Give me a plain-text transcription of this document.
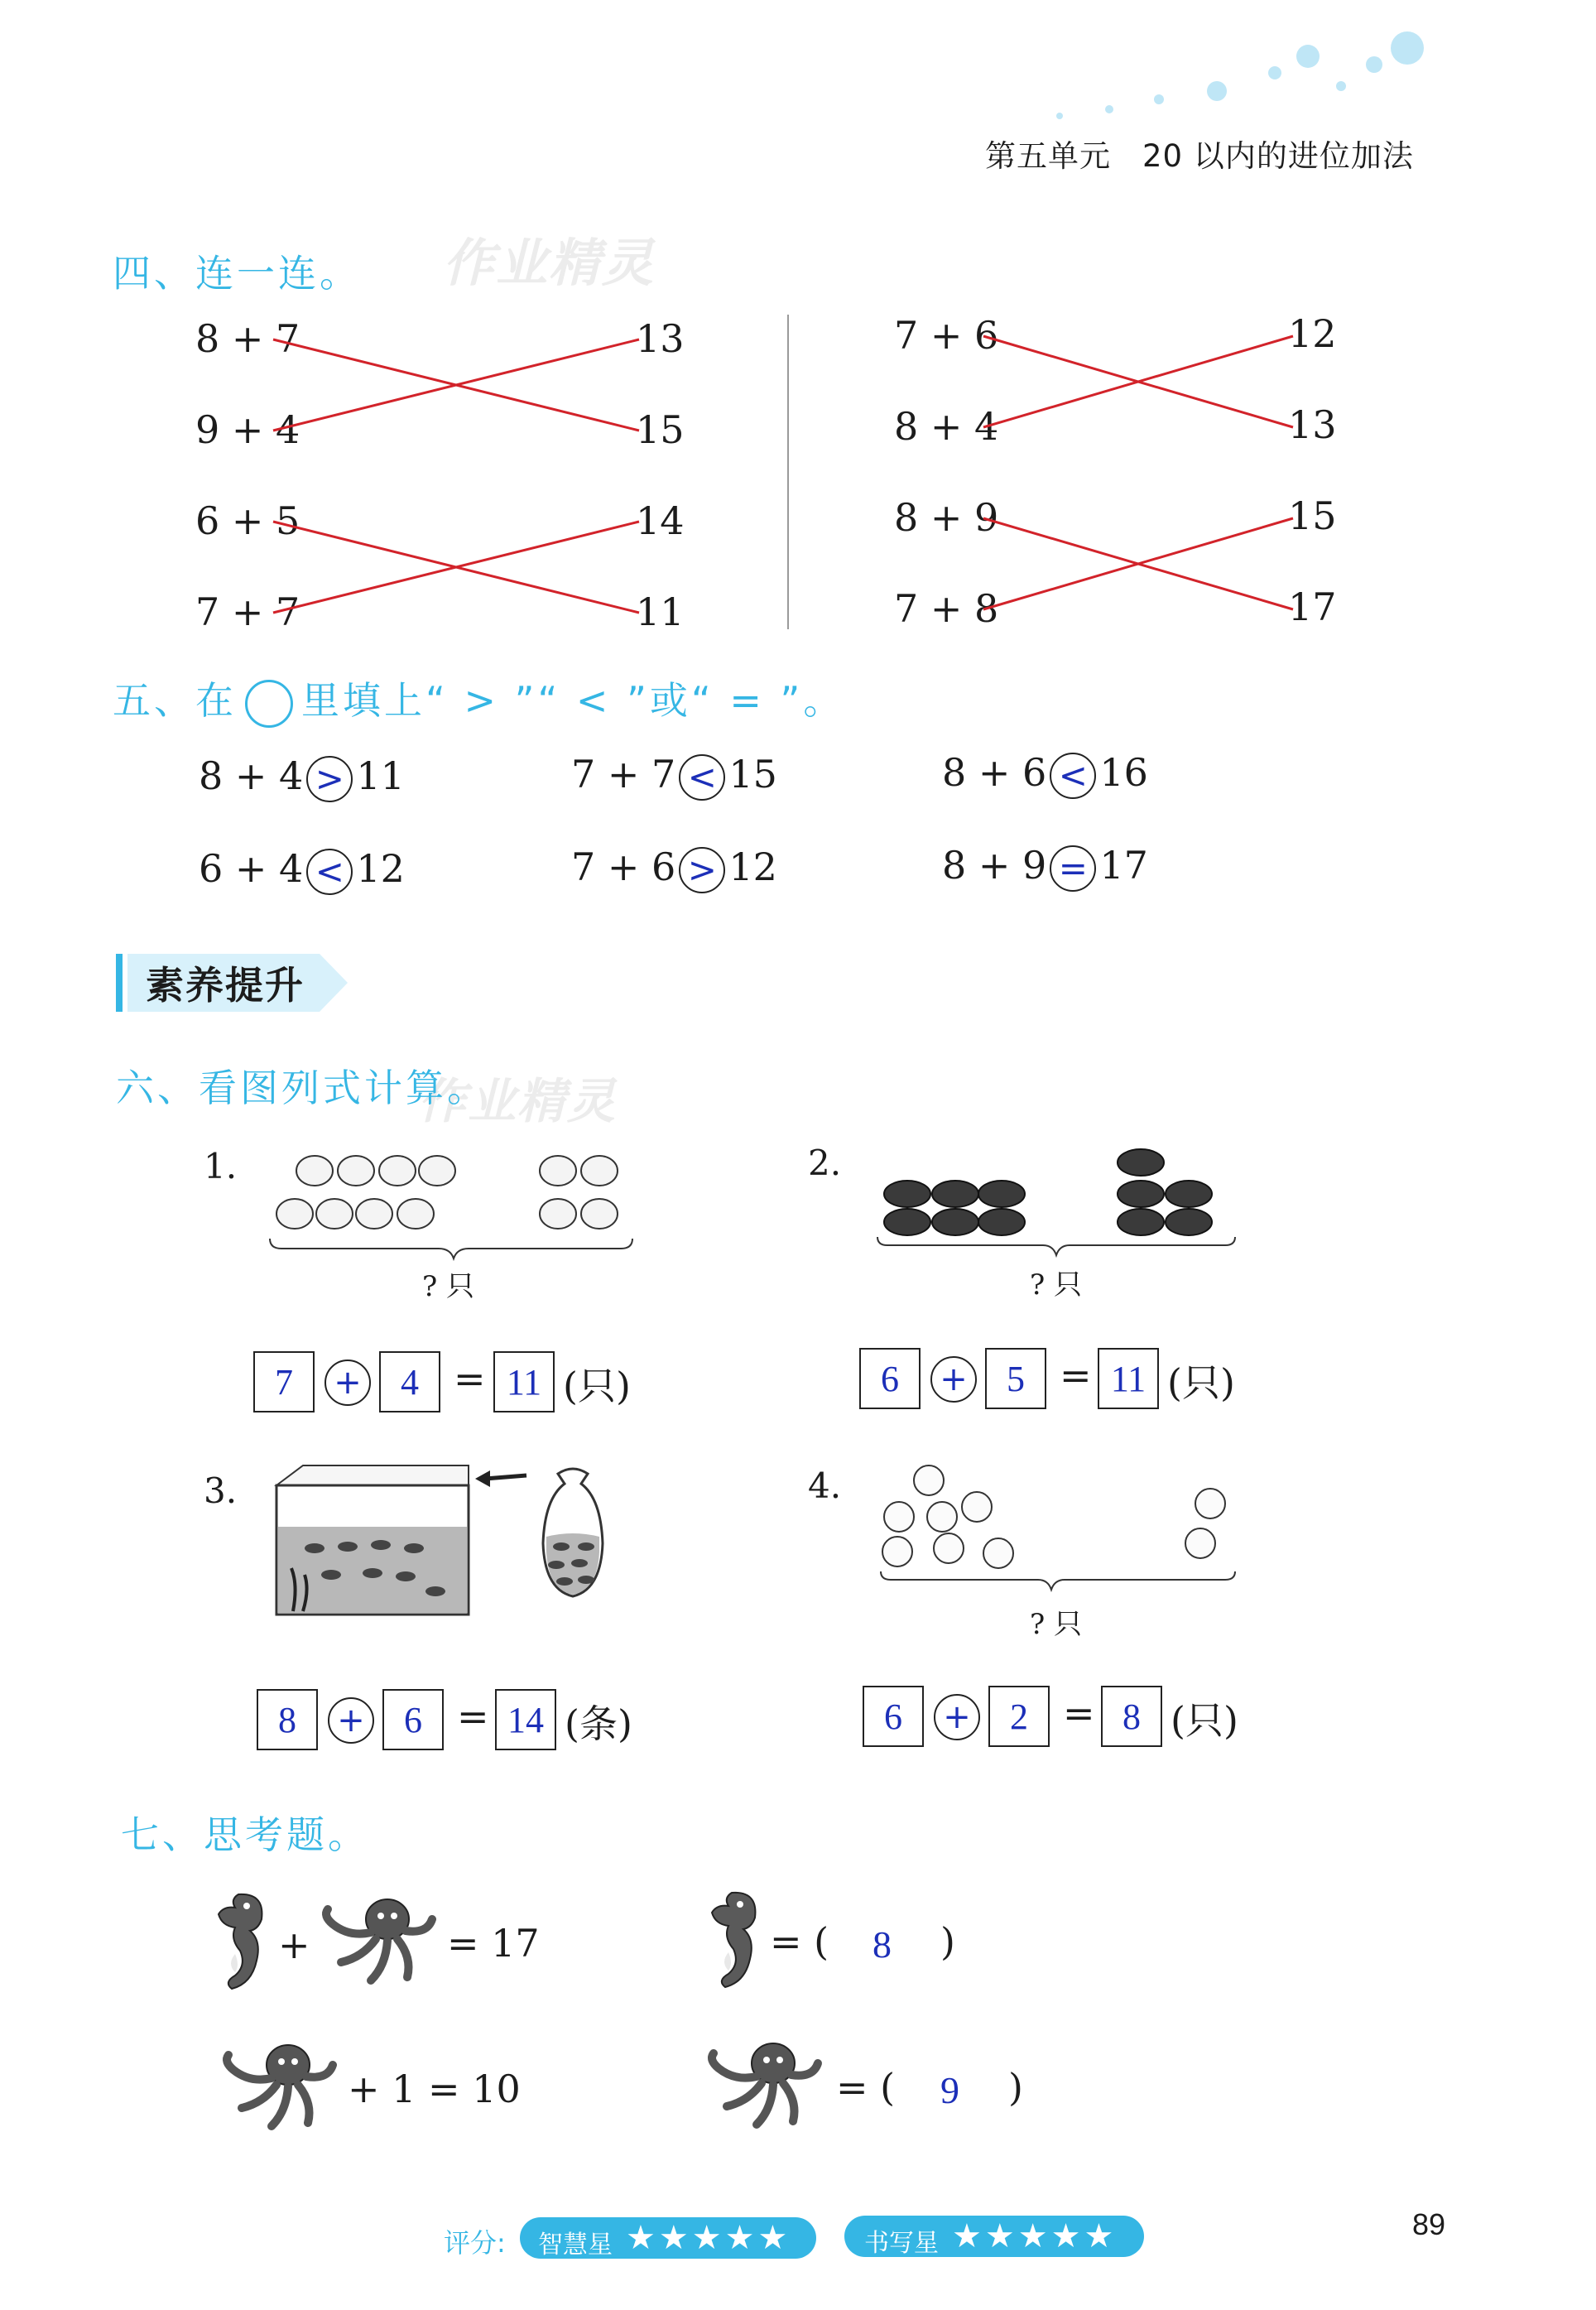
第五单元　20 以内的进位加法
作业精灵
作业精灵
四、连一连。
8 + 7
9 + 4
6 + 5
7 + 7
13
15
14
11
7 + 6
8 + 4
8 + 9
7 + 8
12
13
15
17
五、在 里填上“ > ”“ < ”或“ = ”。
8 + 4 > 11	7 + 7 < 15	8 + 6 < 16
6 + 4 < 12	7 + 6 > 12	8 + 9 = 17
素养提升
六、看图列式计算。
1.
? 只
7	+	4 = 11 (只)
2.
? 只
6	+	5 = 11 (只)
3.
8	+	6 = 14 (条)
4.
? 只
6	+	2 = 8 (只)
七、思考题。
+	= 17	= ( 8 )
+ 1 = 10	= ( 9 )
评分: 智慧星 ★★★★★	书写星 ★★★★★	89
